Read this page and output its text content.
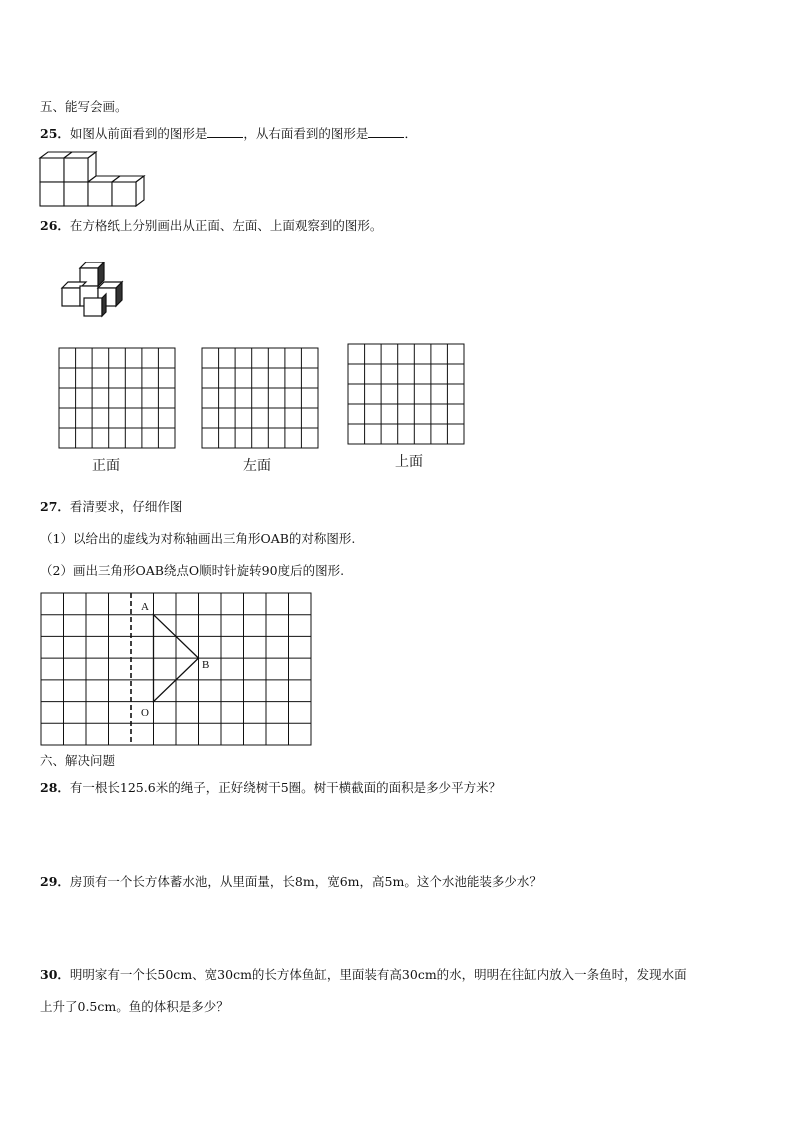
五、能写会画。
25．如图从前面看到的图形是	，从右面看到的图形是	．
26．在方格纸上分别画出从正面、左面、上面观察到的图形。
正面	左面	上面
27．看清要求，仔细作图
（1）以给出的虚线为对称轴画出三角形OAB的对称图形.
（2）画出三角形OAB绕点O顺时针旋转90度后的图形.
A
B
O
六、解决问题
28．有一根长125.6米的绳子，正好绕树干5圈。树干横截面的面积是多少平方米？
29．房顶有一个长方体蓄水池，从里面量，长8m，宽6m，高5m。这个水池能装多少水？
30．明明家有一个长50cm、宽30cm的长方体鱼缸，里面装有高30cm的水，明明在往缸内放入一条鱼时，发现水面
上升了0.5cm。鱼的体积是多少？
